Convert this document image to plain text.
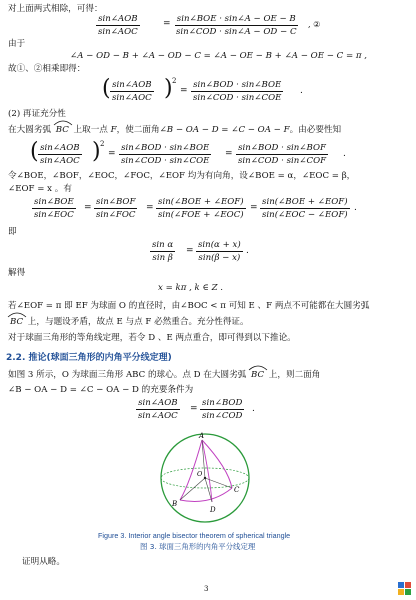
对上面两式相除，可得：
sin∠AOB
sin∠AOC
= sin∠BOE · sin∠A − OE − B
sin∠COD · sin∠A − OD − C
, ②
由于
∠A − OD − B + ∠A − OD − C = ∠A − OE − B + ∠A − OE − C = π ,
故①、②相乘即得：
( sin∠AOB
sin∠AOC ) 2
=
sin∠BOD · sin∠BOE
sin∠COD · sin∠COE
.
(2) 再证充分性
在大圆劣弧 BC 上取一点 F，使二面角∠B − OA − D = ∠C − OA − F。由必要性知
( sin∠AOB
sin∠AOC ) 2
=
sin∠BOD · sin∠BOE
sin∠COD · sin∠COE
=
sin∠BOD · sin∠BOF
sin∠COD · sin∠COF
.
令∠BOE，∠BOF，∠EOC，∠FOC，∠EOF 均为有向角，设∠BOE = α，∠EOC = β，
∠EOF = x 。有
sin∠BOE
sin∠EOC
=
sin∠BOF
sin∠FOC
=
sin(∠BOE + ∠EOF)
sin(∠FOE + ∠EOC)
=
sin(∠BOE + ∠EOF)
sin(∠EOC − ∠EOF)
.
即
$\frac{\text{sin α}}{\text{sin β}} = \frac{\sin(\alpha + x)}{\sin(\beta - x)}$ .
解得
x = kπ , k ∈ Z .
若∠EOF = π 即 EF 为球面 O 的直径时，由∠BOC < π 可知 E 、F 两点不可能都在大圆劣弧
BC 上，与题设矛盾，故点 E 与点 F 必然重合。充分性得证。
对于球面三角形的等角线定理，若令 D 、E 两点重合，即可得到以下推论。
2.2. 推论(球面三角形的内角平分线定理)
如图 3 所示，O 为球面三角形 ABC 的球心。点 D 在大圆劣弧 BC 上，则二面角
∠B − OA − D = ∠C − OA − D 的充要条件为
sin∠AOB
sin∠AOC
=
sin∠BOD
sin∠COD
.
A
B
C
D
O
Figure 3. Interior angle bisector theorem of spherical triangle
图 3. 球面三角形的内角平分线定理
证明从略。
3
